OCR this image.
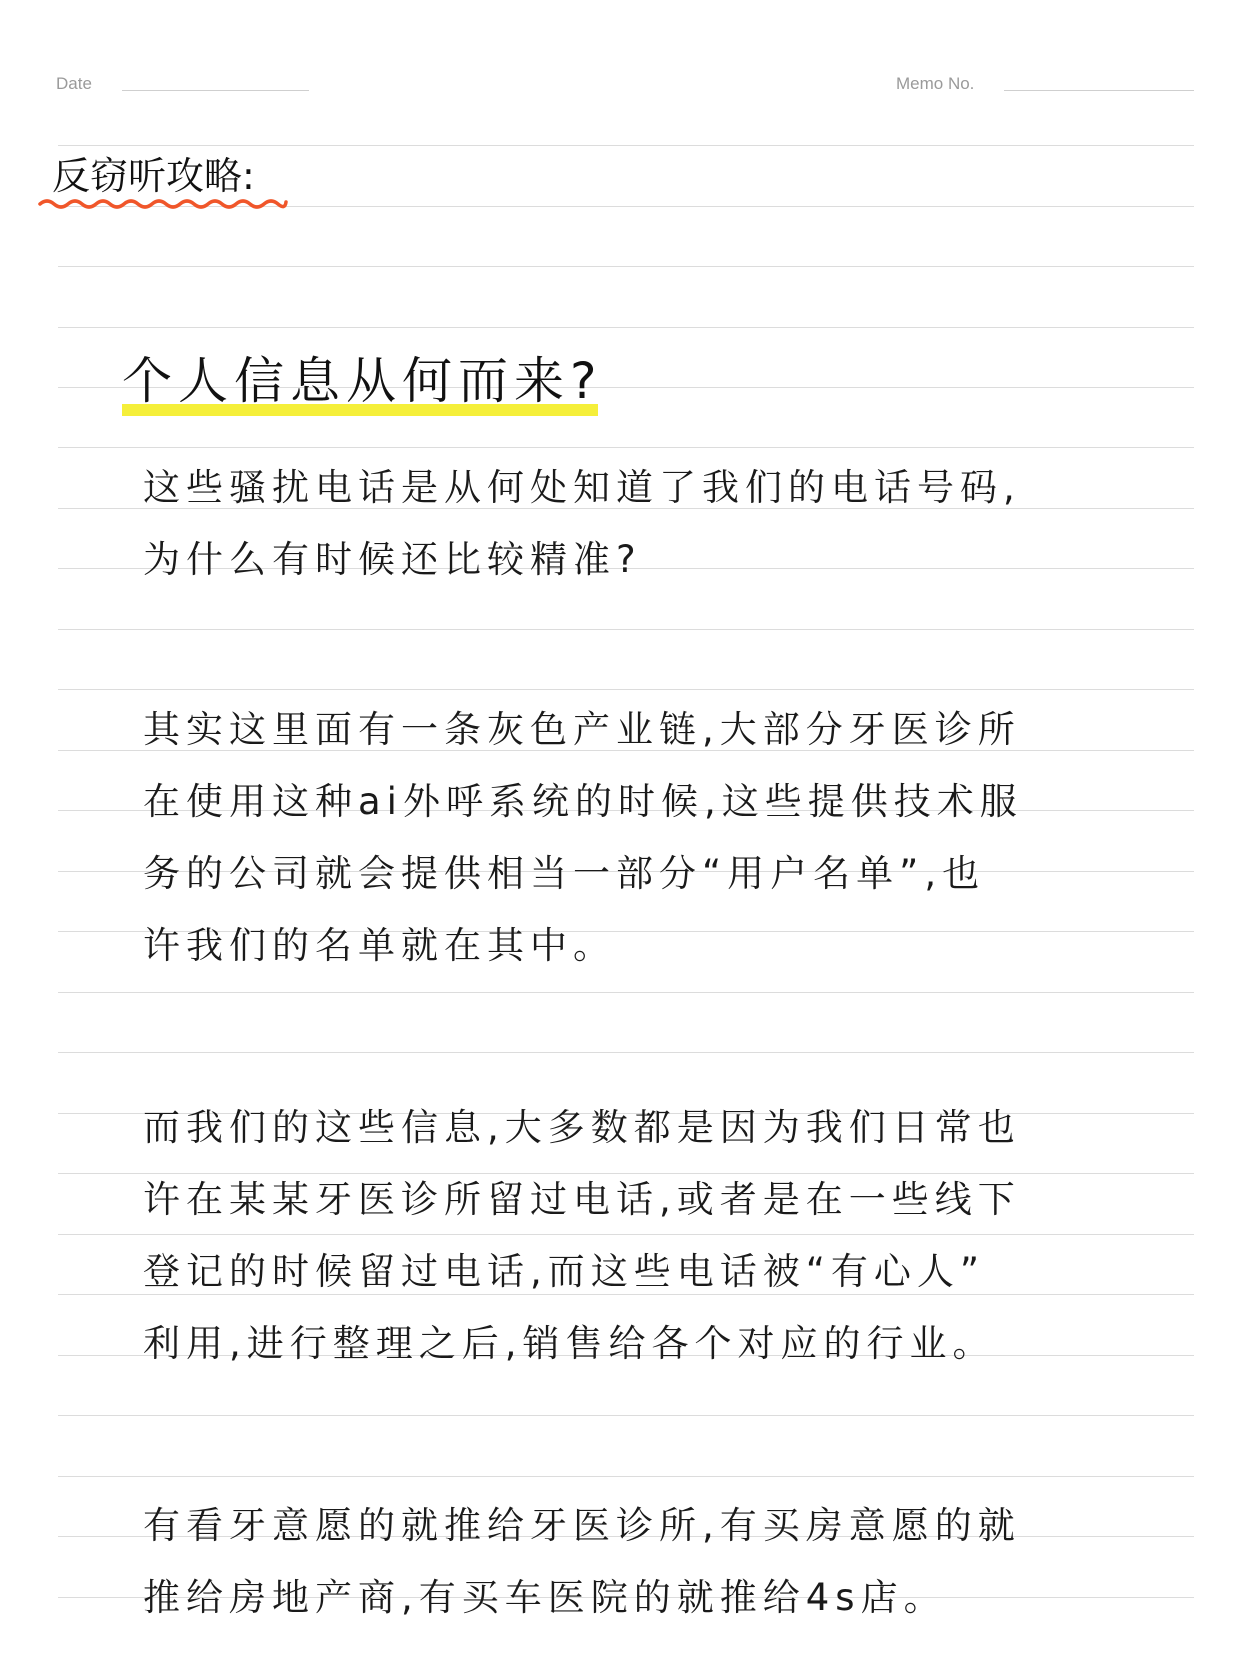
Date	Memo No.
反窃听攻略:
个人信息从何而来?
这些骚扰电话是从何处知道了我们的电话号码,
为什么有时候还比较精准?
其实这里面有一条灰色产业链,大部分牙医诊所
在使用这种ai外呼系统的时候,这些提供技术服
务的公司就会提供相当一部分“用户名单”,也
许我们的名单就在其中。
而我们的这些信息,大多数都是因为我们日常也
许在某某牙医诊所留过电话,或者是在一些线下
登记的时候留过电话,而这些电话被“有心人”
利用,进行整理之后,销售给各个对应的行业。
有看牙意愿的就推给牙医诊所,有买房意愿的就
推给房地产商,有买车医院的就推给4s店。
